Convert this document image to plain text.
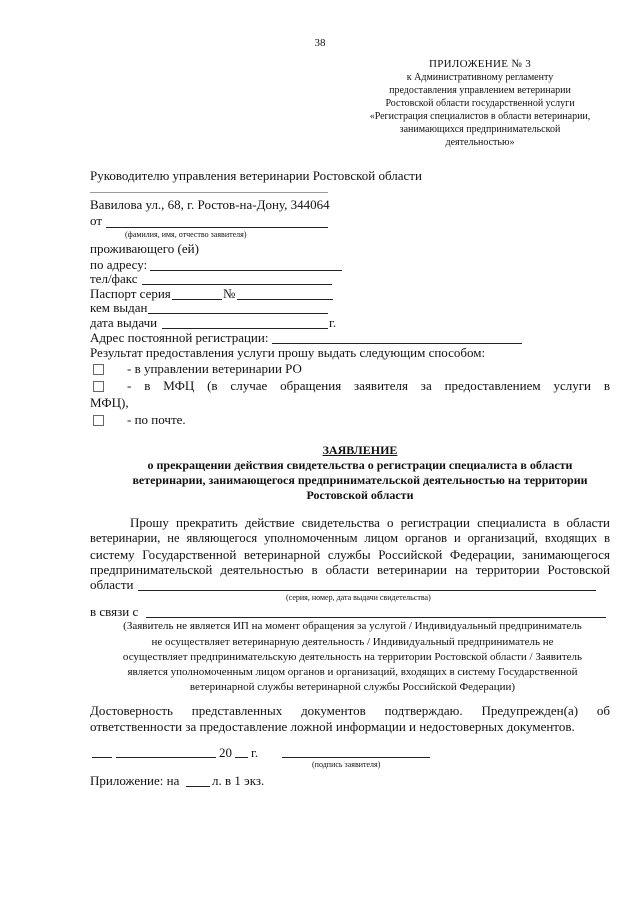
38
ПРИЛОЖЕНИЕ № 3
к Административному регламенту
предоставления управлением ветеринарии
Ростовской области государственной услуги
«Регистрация специалистов в области ветеринарии,
занимающихся предпринимательской
деятельностью»
Руководителю управления ветеринарии Ростовской области
Вавилова ул., 68, г. Ростов-на-Дону, 344064
от
(фамилия, имя, отчество заявителя)
проживающего (ей)
по адресу:
тел/факс
Паспорт серия	№
кем выдан
дата выдачи	г.
Адрес постоянной регистрации:
Результат предоставления услуги прошу выдать следующим способом:
- в управлении ветеринарии РО
- в МФЦ (в случае обращения заявителя за предоставлением услуги в
МФЦ),
- по почте.
ЗАЯВЛЕНИЕ
о прекращении действия свидетельства о регистрации специалиста в области
ветеринарии, занимающегося предпринимательской деятельностью на территории
Ростовской области
Прошу прекратить действие свидетельства о регистрации специалиста в области
ветеринарии, не являющегося уполномоченным лицом органов и организаций, входящих в
систему Государственной ветеринарной службы Российской Федерации, занимающегося
предпринимательской деятельностью в области ветеринарии на территории Ростовской
области
(серия, номер, дата выдачи свидетельства)
в связи с
(Заявитель не является ИП на момент обращения за услугой / Индивидуальный предприниматель
не осуществляет ветеринарную деятельность / Индивидуальный предприниматель не
осуществляет предпринимательскую деятельность на территории Ростовской области / Заявитель
является уполномоченным лицом органов и организаций, входящих в систему Государственной
ветеринарной службы ветеринарной службы Российской Федерации)
Достоверность представленных документов подтверждаю. Предупрежден(а) об
ответственности за предоставление ложной информации и недостоверных документов.
20 г.
(подпись заявителя)
Приложение: на	л. в 1 экз.
